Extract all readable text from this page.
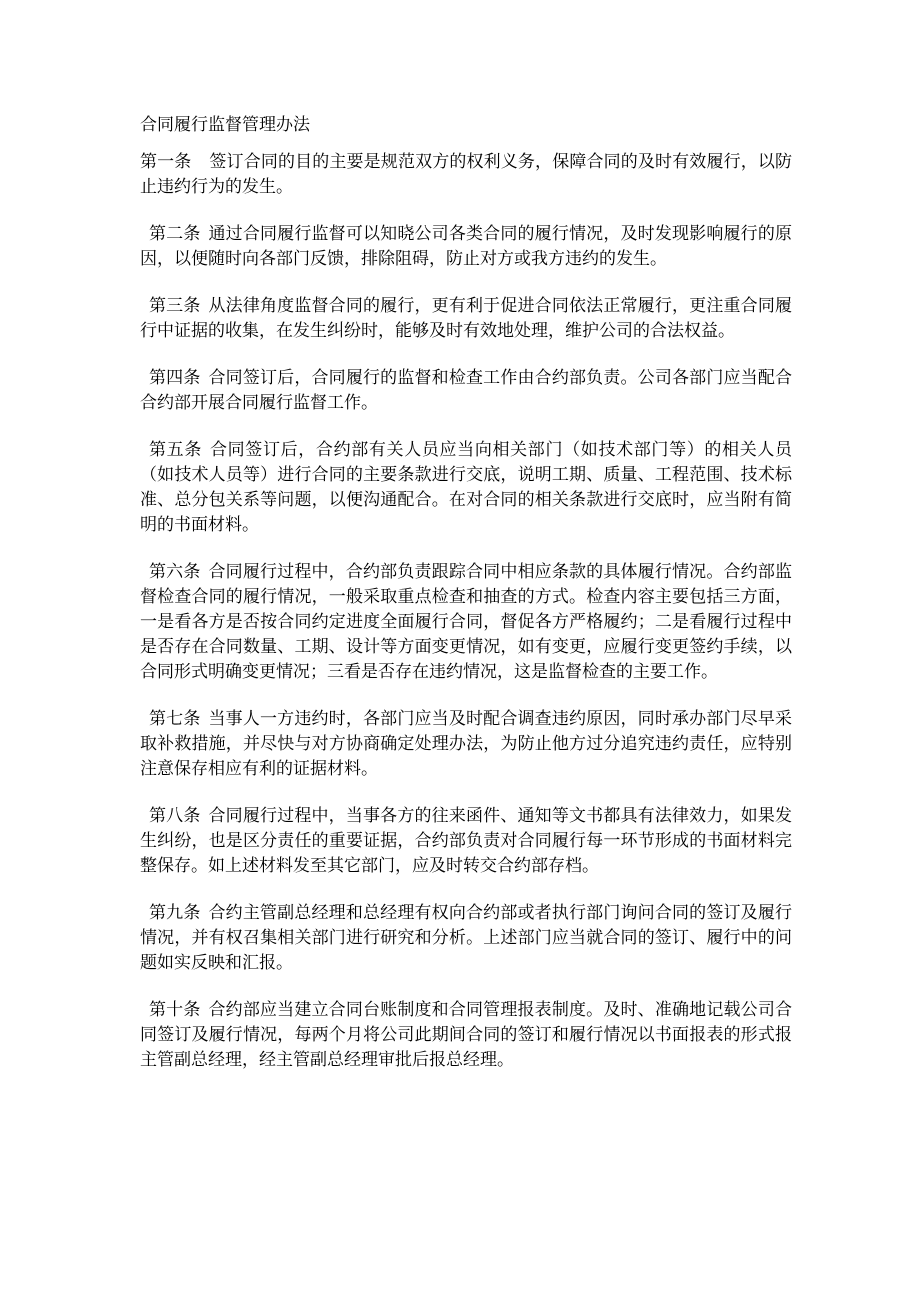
合同履行监督管理办法

第一条 签订合同的目的主要是规范双方的权利义务，保障合同的及时有效履行，以防止违约行为的发生。

第二条 通过合同履行监督可以知晓公司各类合同的履行情况，及时发现影响履行的原因，以便随时向各部门反馈，排除阻碍，防止对方或我方违约的发生。

第三条 从法律角度监督合同的履行，更有利于促进合同依法正常履行，更注重合同履行中证据的收集，在发生纠纷时，能够及时有效地处理，维护公司的合法权益。

第四条 合同签订后，合同履行的监督和检查工作由合约部负责。公司各部门应当配合合约部开展合同履行监督工作。

第五条 合同签订后，合约部有关人员应当向相关部门（如技术部门等）的相关人员（如技术人员等）进行合同的主要条款进行交底，说明工期、质量、工程范围、技术标准、总分包关系等问题，以便沟通配合。在对合同的相关条款进行交底时，应当附有简明的书面材料。

第六条 合同履行过程中，合约部负责跟踪合同中相应条款的具体履行情况。合约部监督检查合同的履行情况，一般采取重点检查和抽查的方式。检查内容主要包括三方面，一是看各方是否按合同约定进度全面履行合同，督促各方严格履约；二是看履行过程中是否存在合同数量、工期、设计等方面变更情况，如有变更，应履行变更签约手续，以合同形式明确变更情况；三看是否存在违约情况，这是监督检查的主要工作。

第七条 当事人一方违约时，各部门应当及时配合调查违约原因，同时承办部门尽早采取补救措施，并尽快与对方协商确定处理办法，为防止他方过分追究违约责任，应特别注意保存相应有利的证据材料。

第八条 合同履行过程中，当事各方的往来函件、通知等文书都具有法律效力，如果发生纠纷，也是区分责任的重要证据，合约部负责对合同履行每一环节形成的书面材料完整保存。如上述材料发至其它部门，应及时转交合约部存档。

第九条 合约主管副总经理和总经理有权向合约部或者执行部门询问合同的签订及履行情况，并有权召集相关部门进行研究和分析。上述部门应当就合同的签订、履行中的问题如实反映和汇报。

第十条 合约部应当建立合同台账制度和合同管理报表制度。及时、准确地记载公司合同签订及履行情况，每两个月将公司此期间合同的签订和履行情况以书面报表的形式报主管副总经理，经主管副总经理审批后报总经理。
